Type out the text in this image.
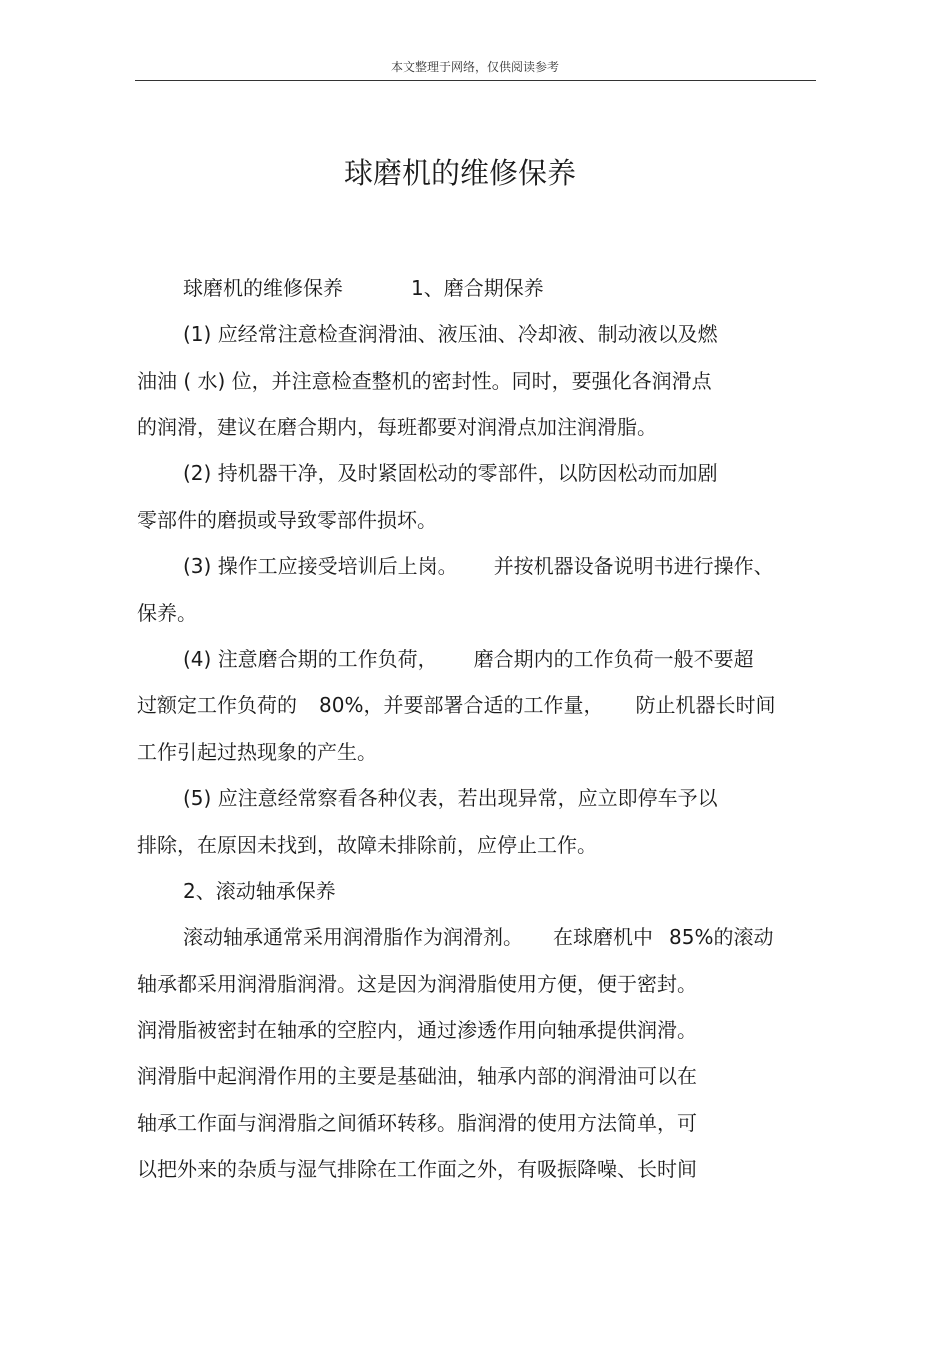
本文整理于网络，仅供阅读参考
球磨机的维修保养
球磨机的维修保养	1、磨合期保养
(1) 应经常注意检查润滑油、液压油、冷却液、制动液以及燃
油油 ( 水) 位，并注意检查整机的密封性。同时，要强化各润滑点
的润滑，建议在磨合期内，每班都要对润滑点加注润滑脂。
(2) 持机器干净，及时紧固松动的零部件，以防因松动而加剧
零部件的磨损或导致零部件损坏。
(3) 操作工应接受培训后上岗。 并按机器设备说明书进行操作、
保养。
(4) 注意磨合期的工作负荷， 磨合期内的工作负荷一般不要超
过额定工作负荷的 80%，并要部署合适的工作量， 防止机器长时间
工作引起过热现象的产生。
(5) 应注意经常察看各种仪表，若出现异常，应立即停车予以
排除，在原因未找到，故障未排除前，应停止工作。
2、滚动轴承保养
滚动轴承通常采用润滑脂作为润滑剂。 在球磨机中 85%的滚动
轴承都采用润滑脂润滑。这是因为润滑脂使用方便，便于密封。
润滑脂被密封在轴承的空腔内，通过渗透作用向轴承提供润滑。
润滑脂中起润滑作用的主要是基础油，轴承内部的润滑油可以在
轴承工作面与润滑脂之间循环转移。脂润滑的使用方法简单，可
以把外来的杂质与湿气排除在工作面之外，有吸振降噪、长时间
